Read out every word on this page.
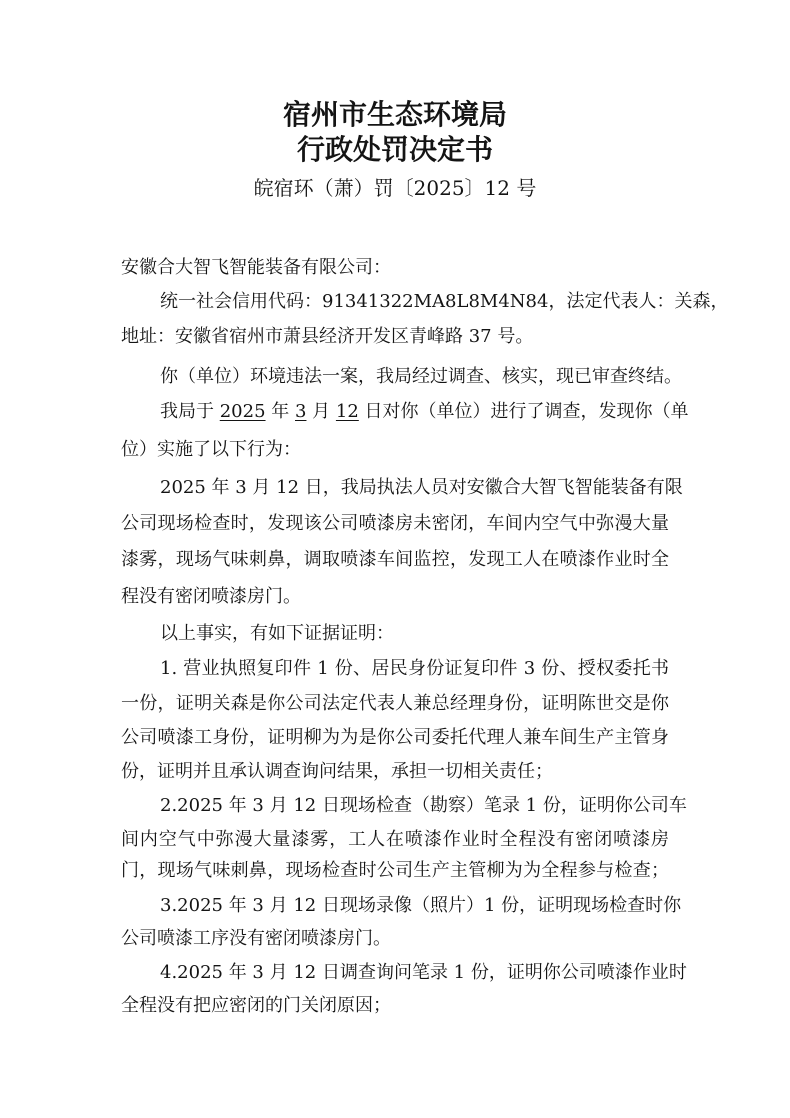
宿州市生态环境局
行政处罚决定书
皖宿环（萧）罚〔2025〕12 号
安徽合大智飞智能装备有限公司：
统一社会信用代码：91341322MA8L8M4N84，法定代表人：关森，
地址：安徽省宿州市萧县经济开发区青峰路 37 号。
你（单位）环境违法一案，我局经过调查、核实，现已审查终结。
我局于 2025 年 3 月 12 日对你（单位）进行了调查，发现你（单
位）实施了以下行为：
2025 年 3 月 12 日，我局执法人员对安徽合大智飞智能装备有限
公司现场检查时，发现该公司喷漆房未密闭，车间内空气中弥漫大量
漆雾，现场气味刺鼻，调取喷漆车间监控，发现工人在喷漆作业时全
程没有密闭喷漆房门。
以上事实，有如下证据证明：
1. 营业执照复印件 1 份、居民身份证复印件 3 份、授权委托书
一份，证明关森是你公司法定代表人兼总经理身份，证明陈世交是你
公司喷漆工身份，证明柳为为是你公司委托代理人兼车间生产主管身
份，证明并且承认调查询问结果，承担一切相关责任；
2.2025 年 3 月 12 日现场检查（勘察）笔录 1 份，证明你公司车
间内空气中弥漫大量漆雾，工人在喷漆作业时全程没有密闭喷漆房
门，现场气味刺鼻，现场检查时公司生产主管柳为为全程参与检查；
3.2025 年 3 月 12 日现场录像（照片）1 份，证明现场检查时你
公司喷漆工序没有密闭喷漆房门。
4.2025 年 3 月 12 日调查询问笔录 1 份，证明你公司喷漆作业时
全程没有把应密闭的门关闭原因；
